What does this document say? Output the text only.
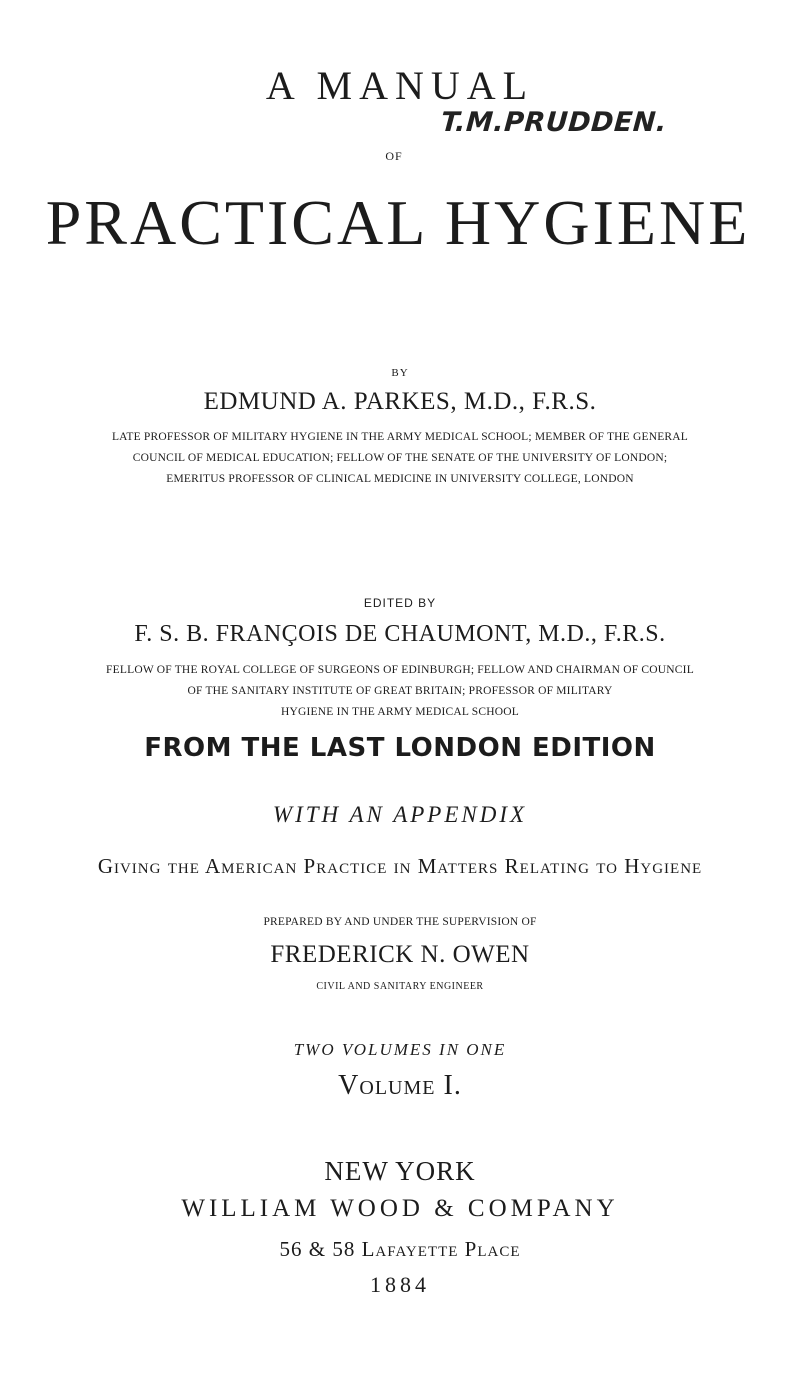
A MANUAL
T.M.PRUDDEN.
OF
PRACTICAL HYGIENE
BY
EDMUND A. PARKES, M.D., F.R.S.
LATE PROFESSOR OF MILITARY HYGIENE IN THE ARMY MEDICAL SCHOOL; MEMBER OF THE GENERAL
COUNCIL OF MEDICAL EDUCATION; FELLOW OF THE SENATE OF THE UNIVERSITY OF LONDON;
EMERITUS PROFESSOR OF CLINICAL MEDICINE IN UNIVERSITY COLLEGE, LONDON
EDITED BY
F. S. B. FRANÇOIS DE CHAUMONT, M.D., F.R.S.
FELLOW OF THE ROYAL COLLEGE OF SURGEONS OF EDINBURGH; FELLOW AND CHAIRMAN OF COUNCIL
OF THE SANITARY INSTITUTE OF GREAT BRITAIN; PROFESSOR OF MILITARY
HYGIENE IN THE ARMY MEDICAL SCHOOL
FROM THE LAST LONDON EDITION
WITH AN APPENDIX
Giving the American Practice in Matters Relating to Hygiene
PREPARED BY AND UNDER THE SUPERVISION OF
FREDERICK N. OWEN
CIVIL AND SANITARY ENGINEER
TWO VOLUMES IN ONE
Volume I.
NEW YORK
WILLIAM WOOD & COMPANY
56 & 58 Lafayette Place
1884
